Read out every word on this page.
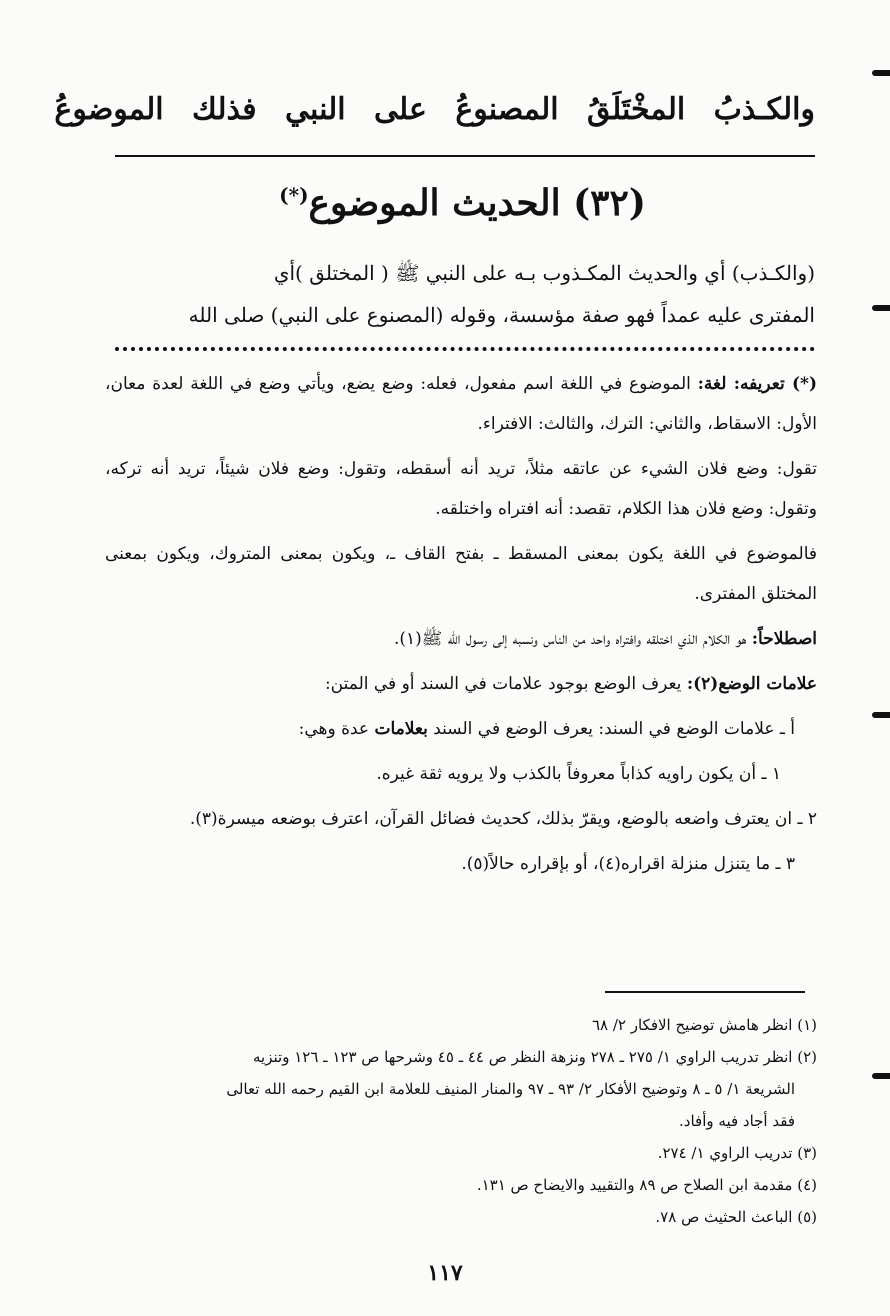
والكـذبُ المخْتَلَقُ المصنوعُ على النبي فذلك الموضوعُ
(٣٢) الحديث الموضوع(*)
(والكـذب) أي والحديث المكـذوب بـه على النبي ﷺ ( المختلق )أي
المفترى عليه عمداً فهو صفة مؤسسة، وقوله (المصنوع على النبي) صلى الله

(*) تعريفه: لغة: الموضوع في اللغة اسم مفعول، فعله: وضع يضع، ويأتي وضع في اللغة لعدة معان، الأول: الاسقاط، والثاني: الترك، والثالث: الافتراء.

تقول: وضع فلان الشيء عن عاتقه مثلاً، تريد أنه أسقطه، وتقول: وضع فلان شيئاً، تريد أنه تركه، وتقول: وضع فلان هذا الكلام، تقصد: أنه افتراه واختلقه.

فالموضوع في اللغة يكون بمعنى المسقط ـ بفتح القاف ـ، ويكون بمعنى المتروك، ويكون بمعنى المختلق المفترى.

اصطلاحاً: هو الكلام الذي اختلقه وافتراه واحد من الناس ونسبه إلى رسول الله ﷺ(١).

علامات الوضع(٢): يعرف الوضع بوجود علامات في السند أو في المتن:

أ ـ علامات الوضع في السند: يعرف الوضع في السند بعلامات عدة وهي:

١ ـ أن يكون راويه كذاباً معروفاً بالكذب ولا يرويه ثقة غيره.

٢ ـ ان يعترف واضعه بالوضع، ويقرّ بذلك، كحديث فضائل القرآن، اعترف بوضعه ميسرة(٣).

٣ ـ ما يتنزل منزلة اقراره(٤)، أو بإقراره حالاً(٥).

(١) انظر هامش توضيح الافكار ٢/ ٦٨

(٢) انظر تدريب الراوي ١/ ٢٧٥ ـ ٢٧٨ ونزهة النظر ص ٤٤ ـ ٤٥ وشرحها ص ١٢٣ ـ ١٢٦ وتنزيه

الشريعة ١/ ٥ ـ ٨ وتوضيح الأفكار ٢/ ٩٣ ـ ٩٧ والمنار المنيف للعلامة ابن القيم رحمه الله تعالى

فقد أجاد فيه وأفاد.

(٣) تدريب الراوي ١/ ٢٧٤.

(٤) مقدمة ابن الصلاح ص ٨٩ والتقييد والايضاح ص ١٣١.

(٥) الباعث الحثيث ص ٧٨.

١١٧
